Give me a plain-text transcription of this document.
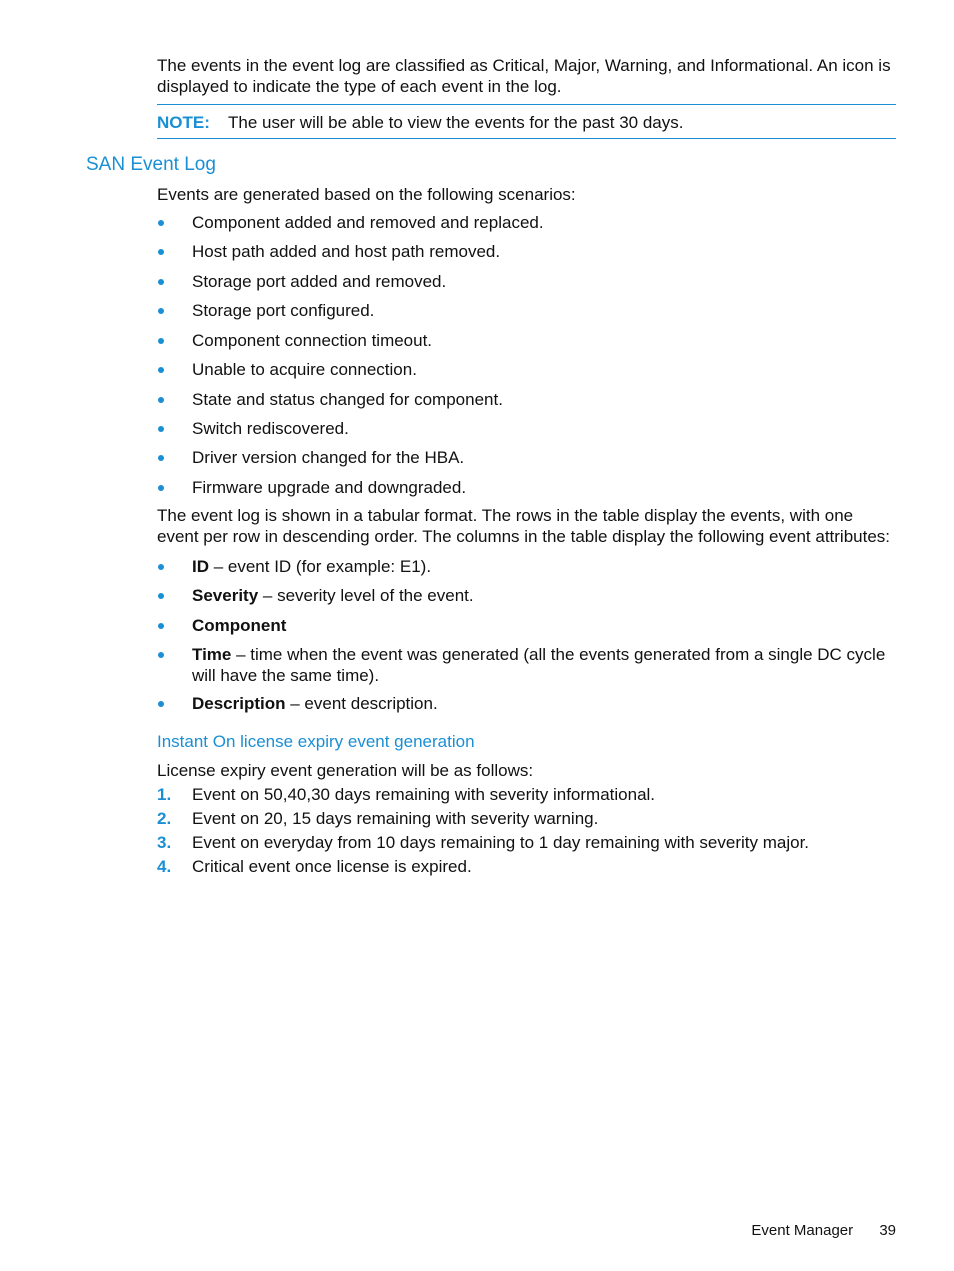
The events in the event log are classified as Critical, Major, Warning, and Informational. An icon is displayed to indicate the type of each event in the log.

NOTE: The user will be able to view the events for the past 30 days.
SAN Event Log

Events are generated based on the following scenarios:

Component added and removed and replaced.
Host path added and host path removed.
Storage port added and removed.
Storage port configured.
Component connection timeout.
Unable to acquire connection.
State and status changed for component.
Switch rediscovered.
Driver version changed for the HBA.
Firmware upgrade and downgraded.

The event log is shown in a tabular format. The rows in the table display the events, with one event per row in descending order. The columns in the table display the following event attributes:

ID – event ID (for example: E1).
Severity – severity level of the event.
Component
Time – time when the event was generated (all the events generated from a single DC cycle will have the same time).
Description – event description.
Instant On license expiry event generation

License expiry event generation will be as follows:

1. Event on 50,40,30 days remaining with severity informational.
2. Event on 20, 15 days remaining with severity warning.
3. Event on everyday from 10 days remaining to 1 day remaining with severity major.
4. Critical event once license is expired.
Event Manager 39
